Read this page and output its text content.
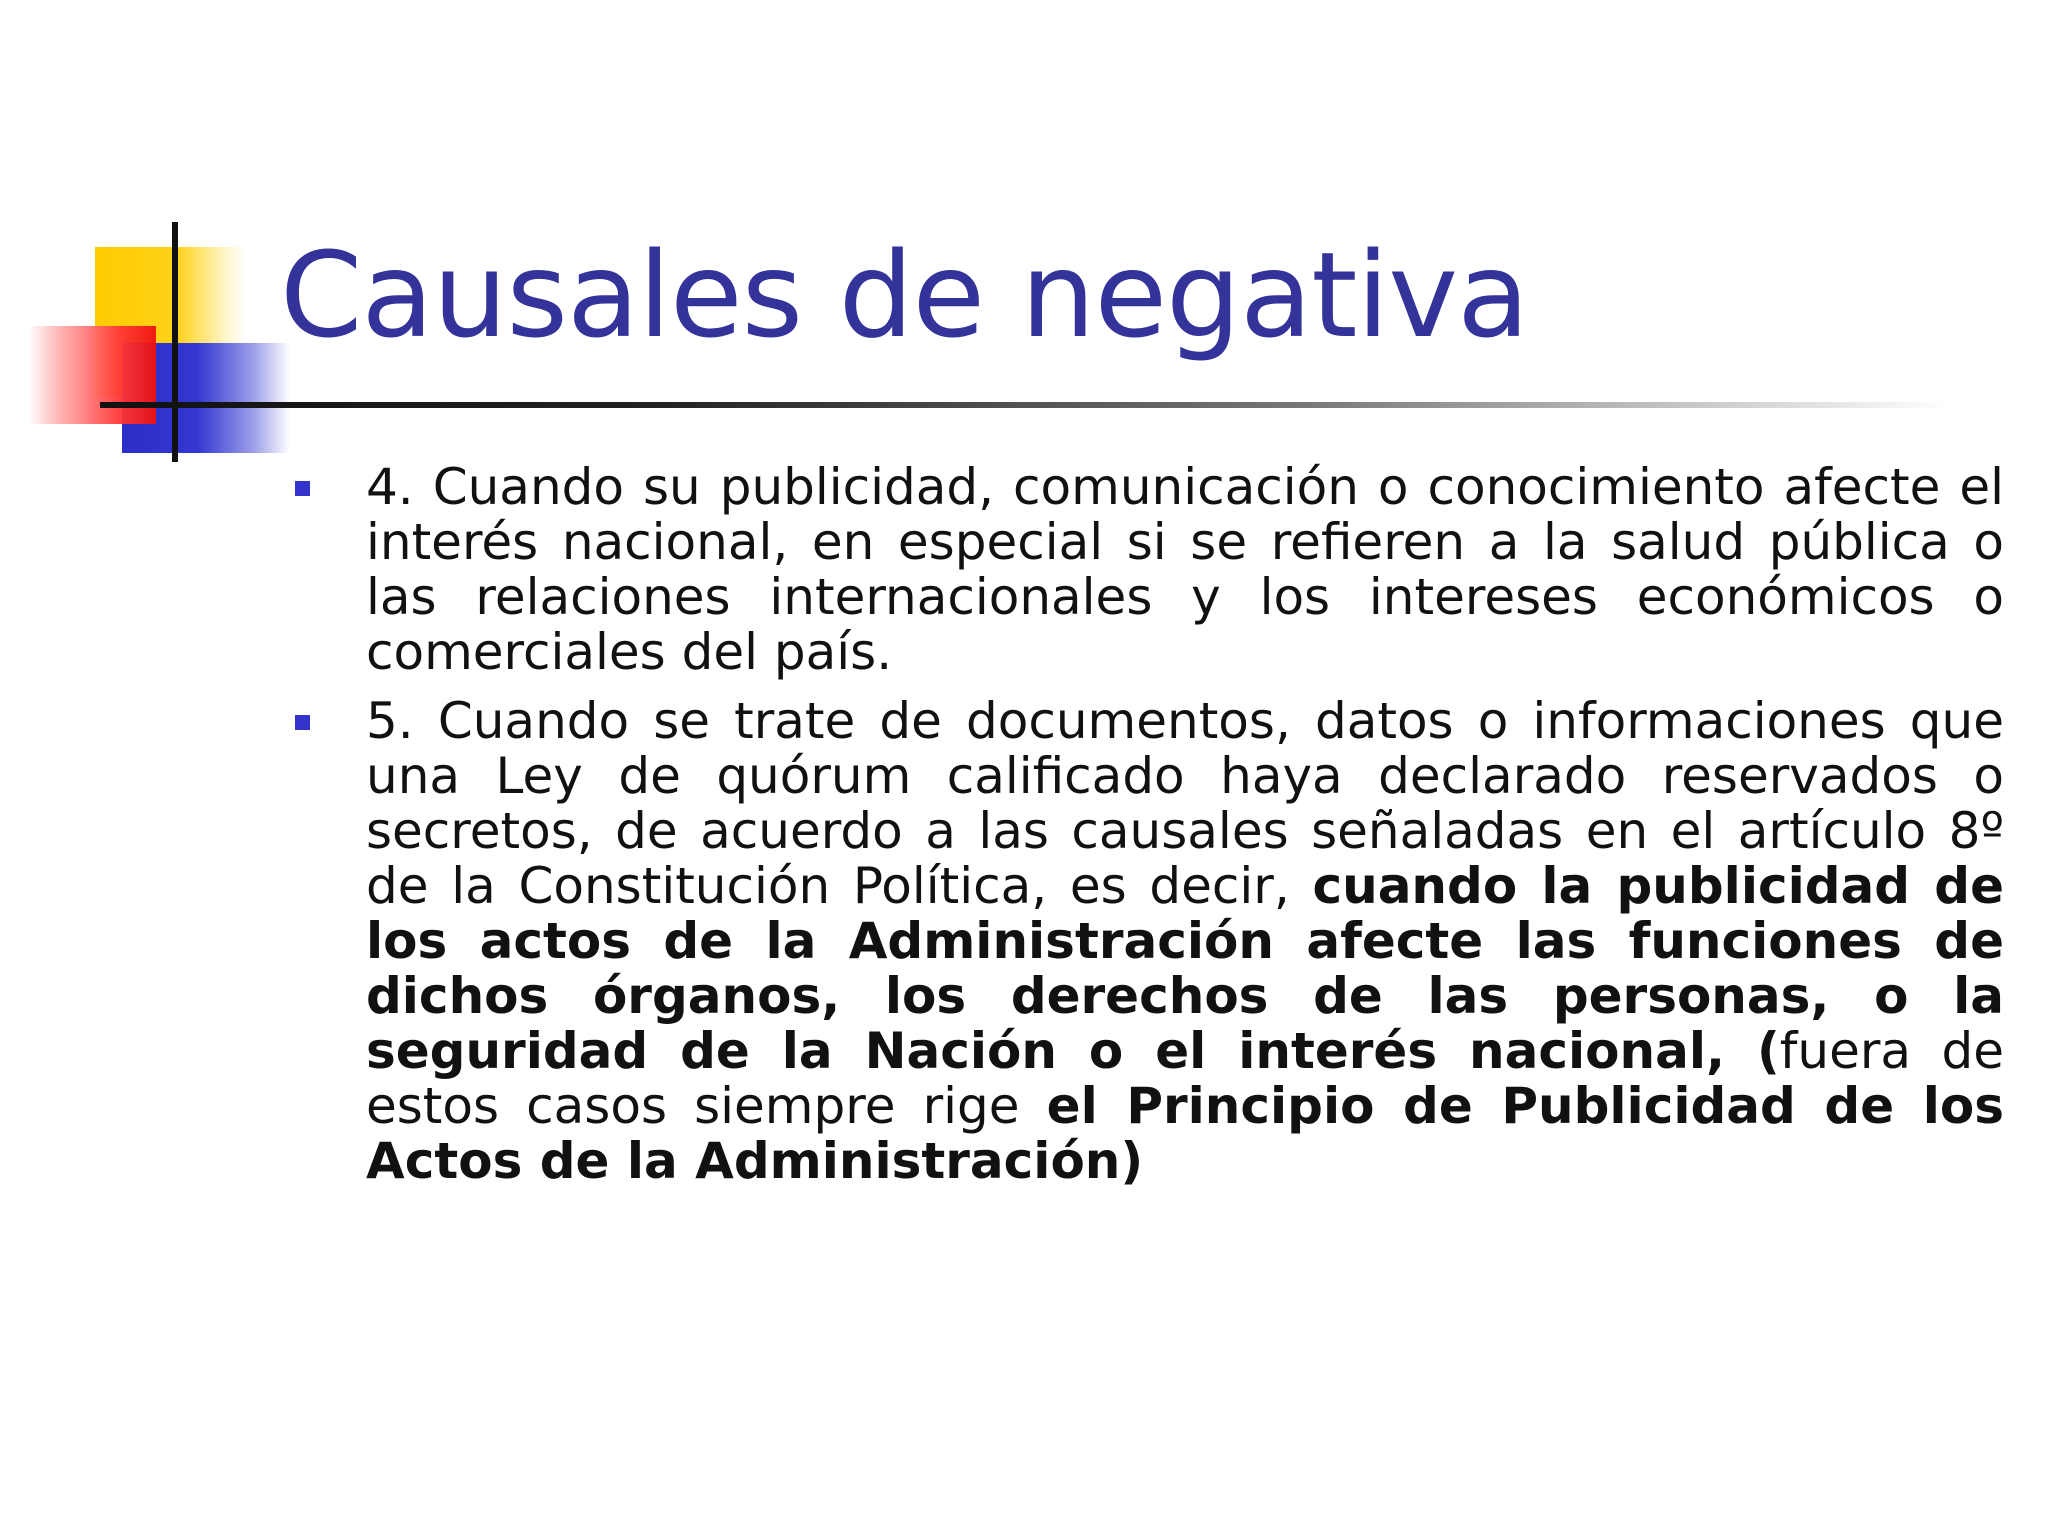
Causales de negativa

4. Cuando su publicidad, comunicación o conocimiento afecte el interés nacional, en especial si se refieren a la salud pública o las relaciones internacionales y los intereses económicos o comerciales del país.

5. Cuando se trate de documentos, datos o informaciones que una Ley de quórum calificado haya declarado reservados o secretos, de acuerdo a las causales señaladas en el artículo 8º de la Constitución Política, es decir, cuando la publicidad de los actos de la Administración afecte las funciones de dichos órganos, los derechos de las personas, o la seguridad de la Nación o el interés nacional, (fuera de estos casos siempre rige el Principio de Publicidad de los Actos de la Administración)
